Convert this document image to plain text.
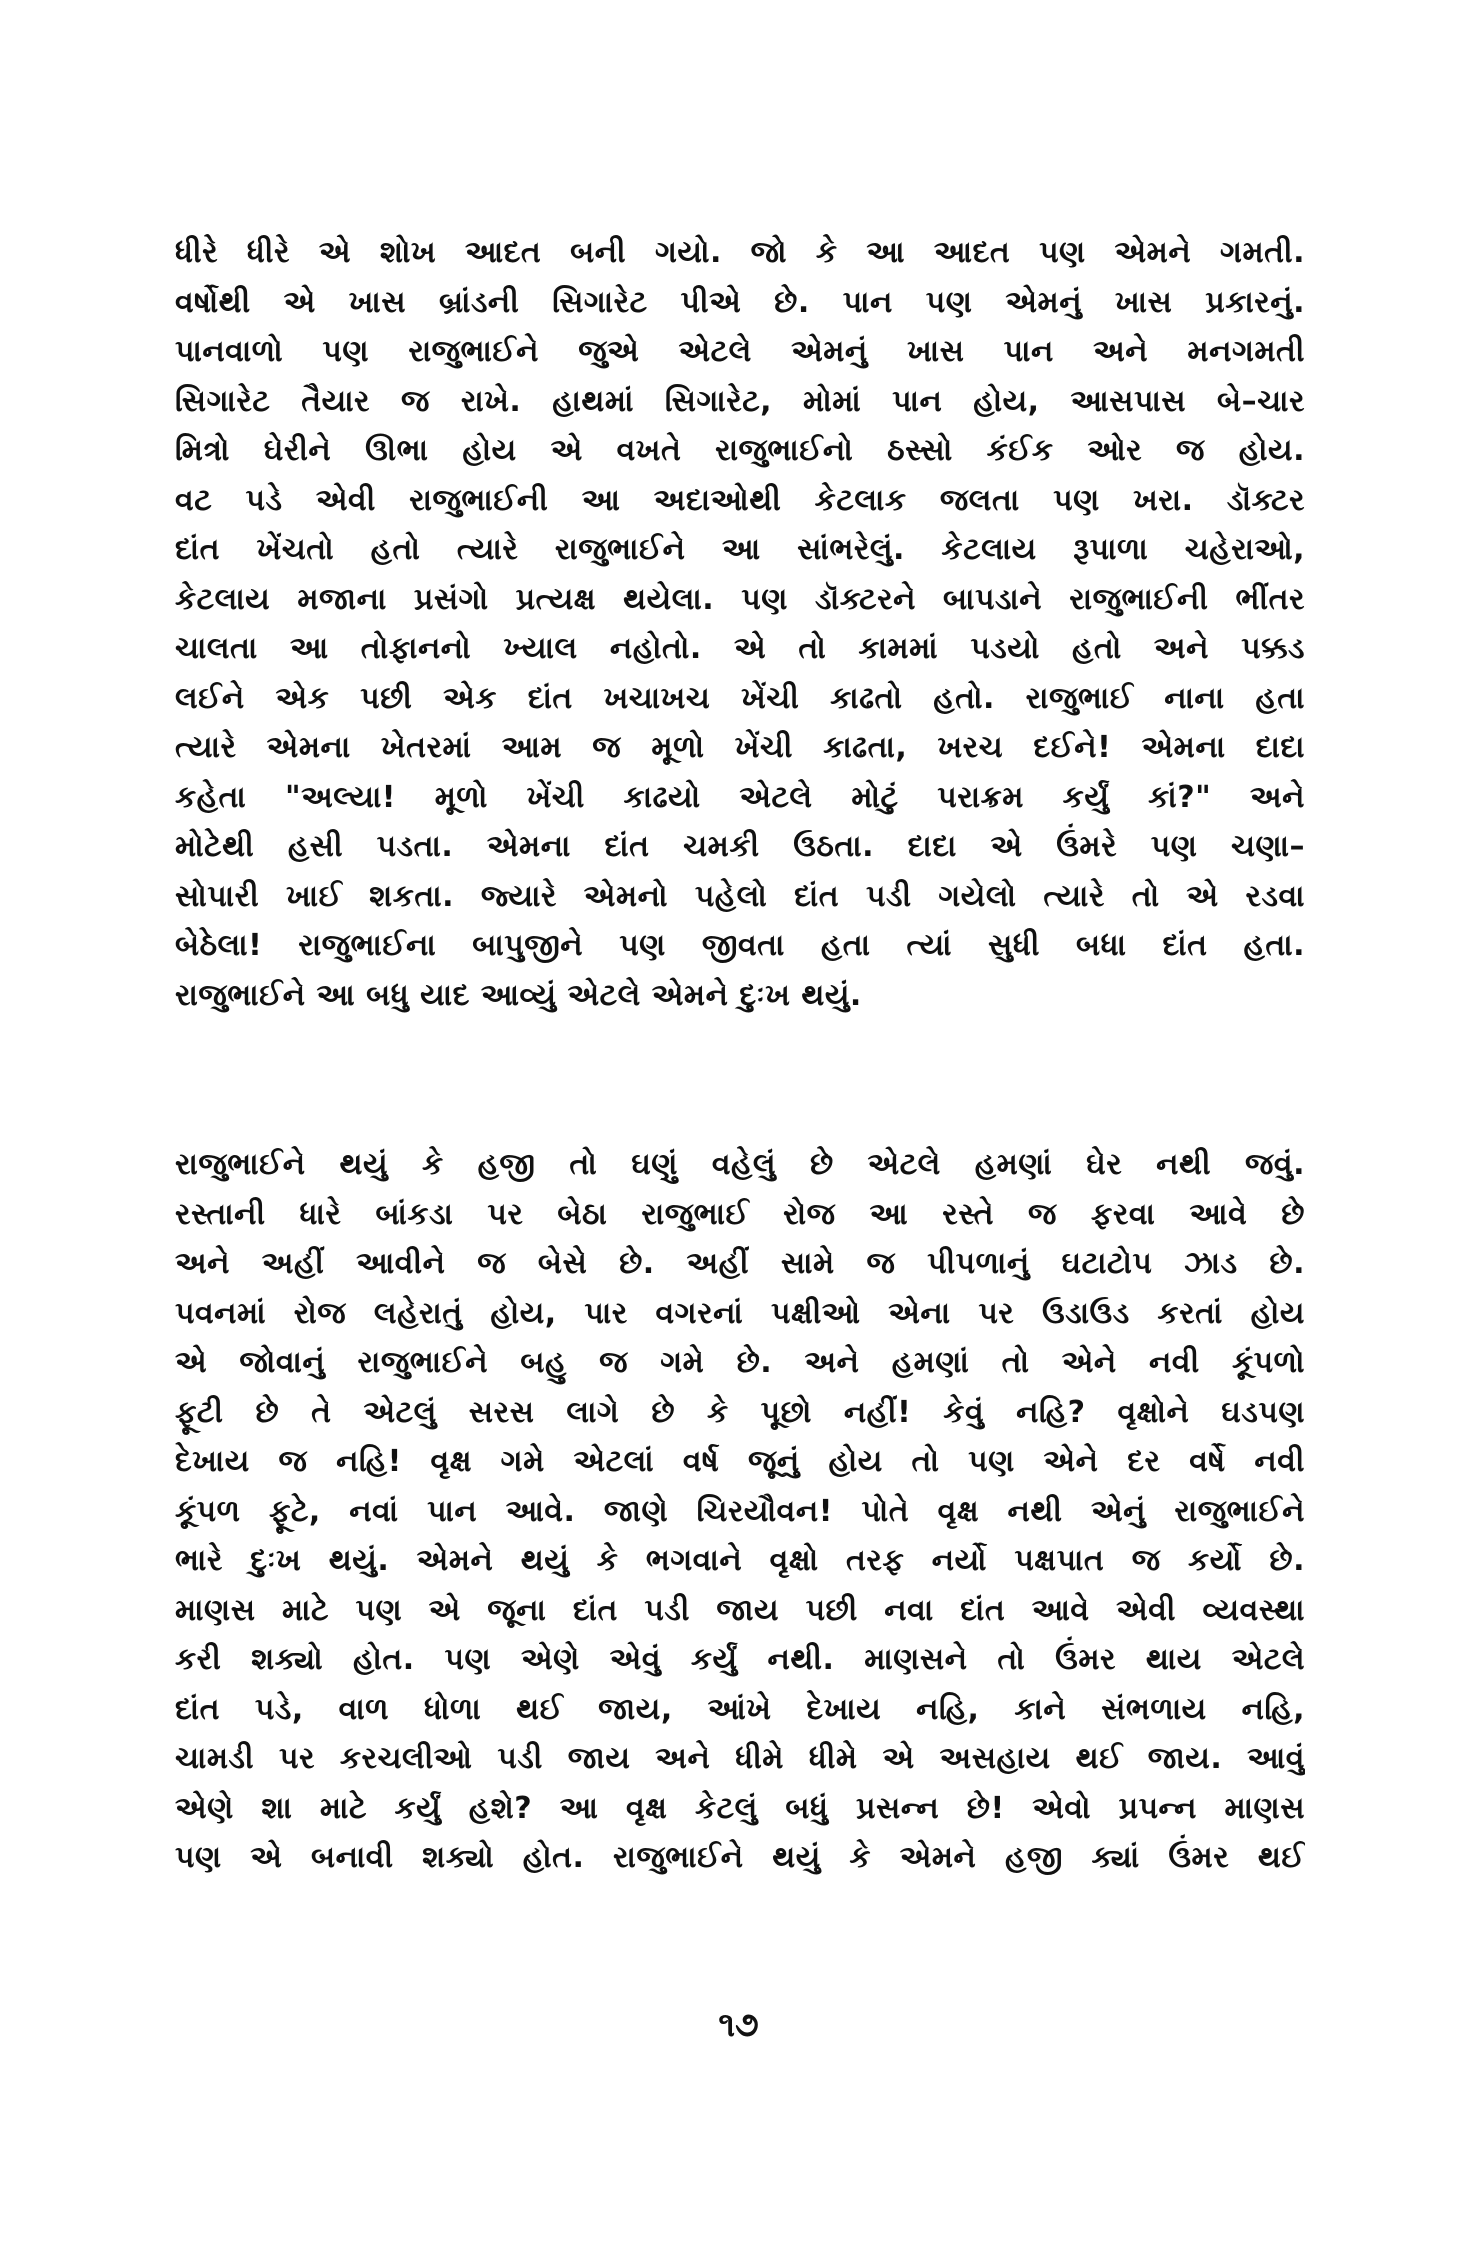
ધીરે ધીરે એ શોખ આદત બની ગયો. જો કે આ આદત પણ એમને ગમતી.
વર્ષોથી એ ખાસ બ્રાંડની સિગારેટ પીએ છે. પાન પણ એમનું ખાસ પ્રકારનું.
પાનવાળો પણ રાજુભાઈને જુએ એટલે એમનું ખાસ પાન અને મનગમતી
સિગારેટ તૈયાર જ રાખે. હાથમાં સિગારેટ, મોમાં પાન હોય, આસપાસ બે–ચાર
મિત્રો ઘેરીને ઊભા હોય એ વખતે રાજુભાઈનો ઠસ્સો કંઈક ઓર જ હોય.
વટ પડે એવી રાજુભાઈની આ અદાઓથી કેટલાક જલતા પણ ખરા. ડૉક્ટર
દાંત ખેંચતો હતો ત્યારે રાજુભાઈને આ સાંભરેલું. કેટલાય રૂપાળા ચહેરાઓ,
કેટલાય મજાના પ્રસંગો પ્રત્યક્ષ થયેલા. પણ ડૉક્ટરને બાપડાને રાજુભાઈની ભીંતર
ચાલતા આ તોફાનનો ખ્યાલ નહોતો. એ તો કામમાં પડયો હતો અને પક્કડ
લઈને એક પછી એક દાંત ખચાખચ ખેંચી કાઢતો હતો. રાજુભાઈ નાના હતા
ત્યારે એમના ખેતરમાં આમ જ મૂળો ખેંચી કાઢતા, ખરચ દઈને! એમના દાદા
કહેતા "અલ્યા! મૂળો ખેંચી કાઢયો એટલે મોટું પરાક્રમ કર્યું કાં?" અને
મોટેથી હસી પડતા. એમના દાંત ચમકી ઉઠતા. દાદા એ ઉંમરે પણ ચણા–
સોપારી ખાઈ શકતા. જ્યારે એમનો પહેલો દાંત પડી ગયેલો ત્યારે તો એ રડવા
બેઠેલા! રાજુભાઈના બાપુજીને પણ જીવતા હતા ત્યાં સુધી બધા દાંત હતા.
રાજુભાઈને આ બધુ યાદ આવ્યું એટલે એમને દુઃખ થયું.
રાજુભાઈને થયું કે હજી તો ઘણું વહેલું છે એટલે હમણાં ઘેર નથી જવું.
રસ્તાની ધારે બાંકડા પર બેઠા રાજુભાઈ રોજ આ રસ્તે જ ફરવા આવે છે
અને અહીં આવીને જ બેસે છે. અહીં સામે જ પીપળાનું ઘટાટોપ ઝાડ છે.
પવનમાં રોજ લહેરાતું હોય, પાર વગરનાં પક્ષીઓ એના પર ઉડાઉડ કરતાં હોય
એ જોવાનું રાજુભાઈને બહુ જ ગમે છે. અને હમણાં તો એને નવી કૂંપળો
ફૂટી છે તે એટલું સરસ લાગે છે કે પૂછો નહીં! કેવું નહિ? વૃક્ષોને ઘડપણ
દેખાય જ નહિ! વૃક્ષ ગમે એટલાં વર્ષ જૂનું હોય તો પણ એને દર વર્ષે નવી
કૂંપળ ફૂટે, નવાં પાન આવે. જાણે ચિરયૌવન! પોતે વૃક્ષ નથી એનું રાજુભાઈને
ભારે દુઃખ થયું. એમને થયું કે ભગવાને વૃક્ષો તરફ નર્યો પક્ષપાત જ કર્યો છે.
માણસ માટે પણ એ જૂના દાંત પડી જાય પછી નવા દાંત આવે એવી વ્યવસ્થા
કરી શક્યો હોત. પણ એણે એવું કર્યું નથી. માણસને તો ઉંમર થાય એટલે
દાંત પડે, વાળ ધોળા થઈ જાય, આંખે દેખાય નહિ, કાને સંભળાય નહિ,
ચામડી પર કરચલીઓ પડી જાય અને ધીમે ધીમે એ અસહાય થઈ જાય. આવું
એણે શા માટે કર્યું હશે? આ વૃક્ષ કેટલું બધું પ્રસન્ન છે! એવો પ્રપન્ન માણસ
પણ એ બનાવી શક્યો હોત. રાજુભાઈને થયું કે એમને હજી ક્યાં ઉંમર થઈ
૧૭
